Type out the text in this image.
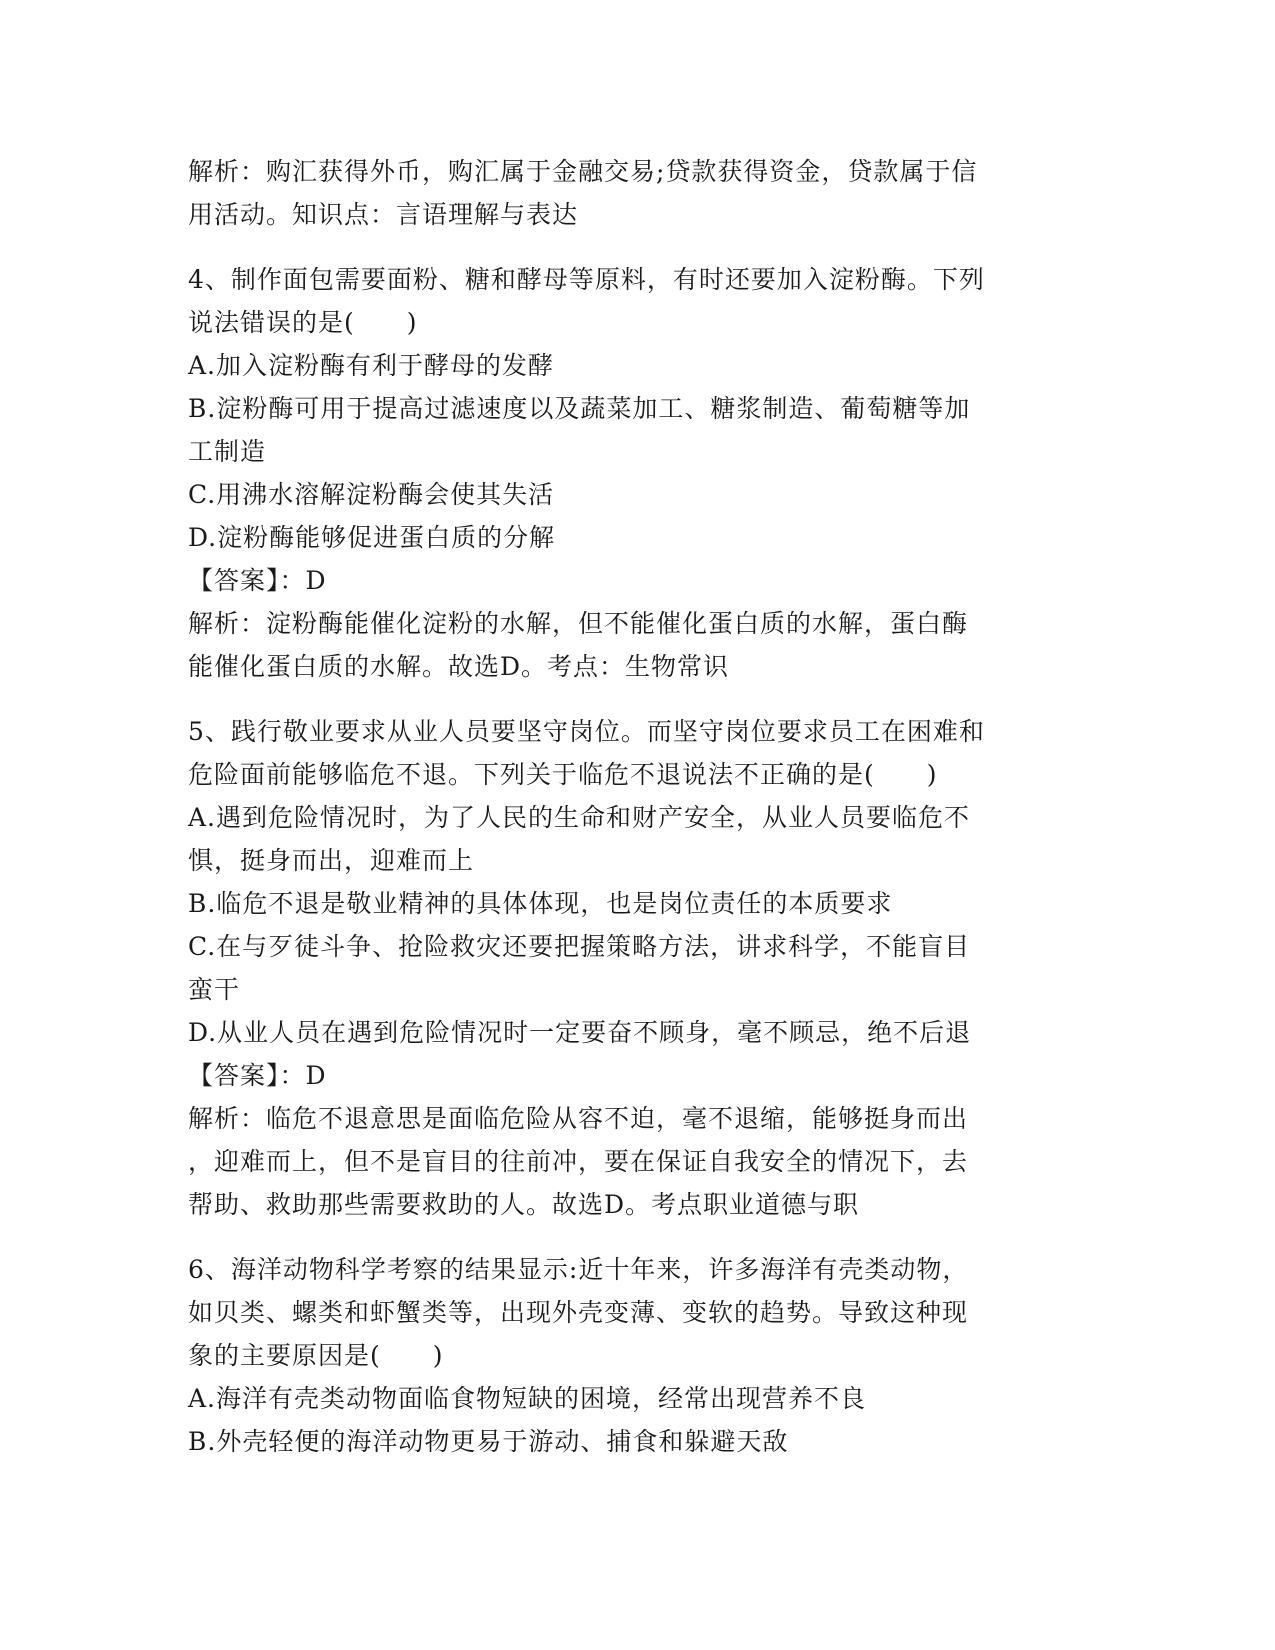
解析：购汇获得外币，购汇属于金融交易;贷款获得资金，贷款属于信
用活动。知识点：言语理解与表达
4、制作面包需要面粉、糖和酵母等原料，有时还要加入淀粉酶。下列
说法错误的是(　　)
A.加入淀粉酶有利于酵母的发酵
B.淀粉酶可用于提高过滤速度以及蔬菜加工、糖浆制造、葡萄糖等加
工制造
C.用沸水溶解淀粉酶会使其失活
D.淀粉酶能够促进蛋白质的分解
【答案】：D
解析：淀粉酶能催化淀粉的水解，但不能催化蛋白质的水解，蛋白酶
能催化蛋白质的水解。故选D。考点：生物常识
5、践行敬业要求从业人员要坚守岗位。而坚守岗位要求员工在困难和
危险面前能够临危不退。下列关于临危不退说法不正确的是(　　)
A.遇到危险情况时，为了人民的生命和财产安全，从业人员要临危不
惧，挺身而出，迎难而上
B.临危不退是敬业精神的具体体现，也是岗位责任的本质要求
C.在与歹徒斗争、抢险救灾还要把握策略方法，讲求科学，不能盲目
蛮干
D.从业人员在遇到危险情况时一定要奋不顾身，毫不顾忌，绝不后退
【答案】：D
解析：临危不退意思是面临危险从容不迫，毫不退缩，能够挺身而出
，迎难而上，但不是盲目的往前冲，要在保证自我安全的情况下，去
帮助、救助那些需要救助的人。故选D。考点职业道德与职
6、海洋动物科学考察的结果显示:近十年来，许多海洋有壳类动物，
如贝类、螺类和虾蟹类等，出现外壳变薄、变软的趋势。导致这种现
象的主要原因是(　　)
A.海洋有壳类动物面临食物短缺的困境，经常出现营养不良
B.外壳轻便的海洋动物更易于游动、捕食和躲避天敌
